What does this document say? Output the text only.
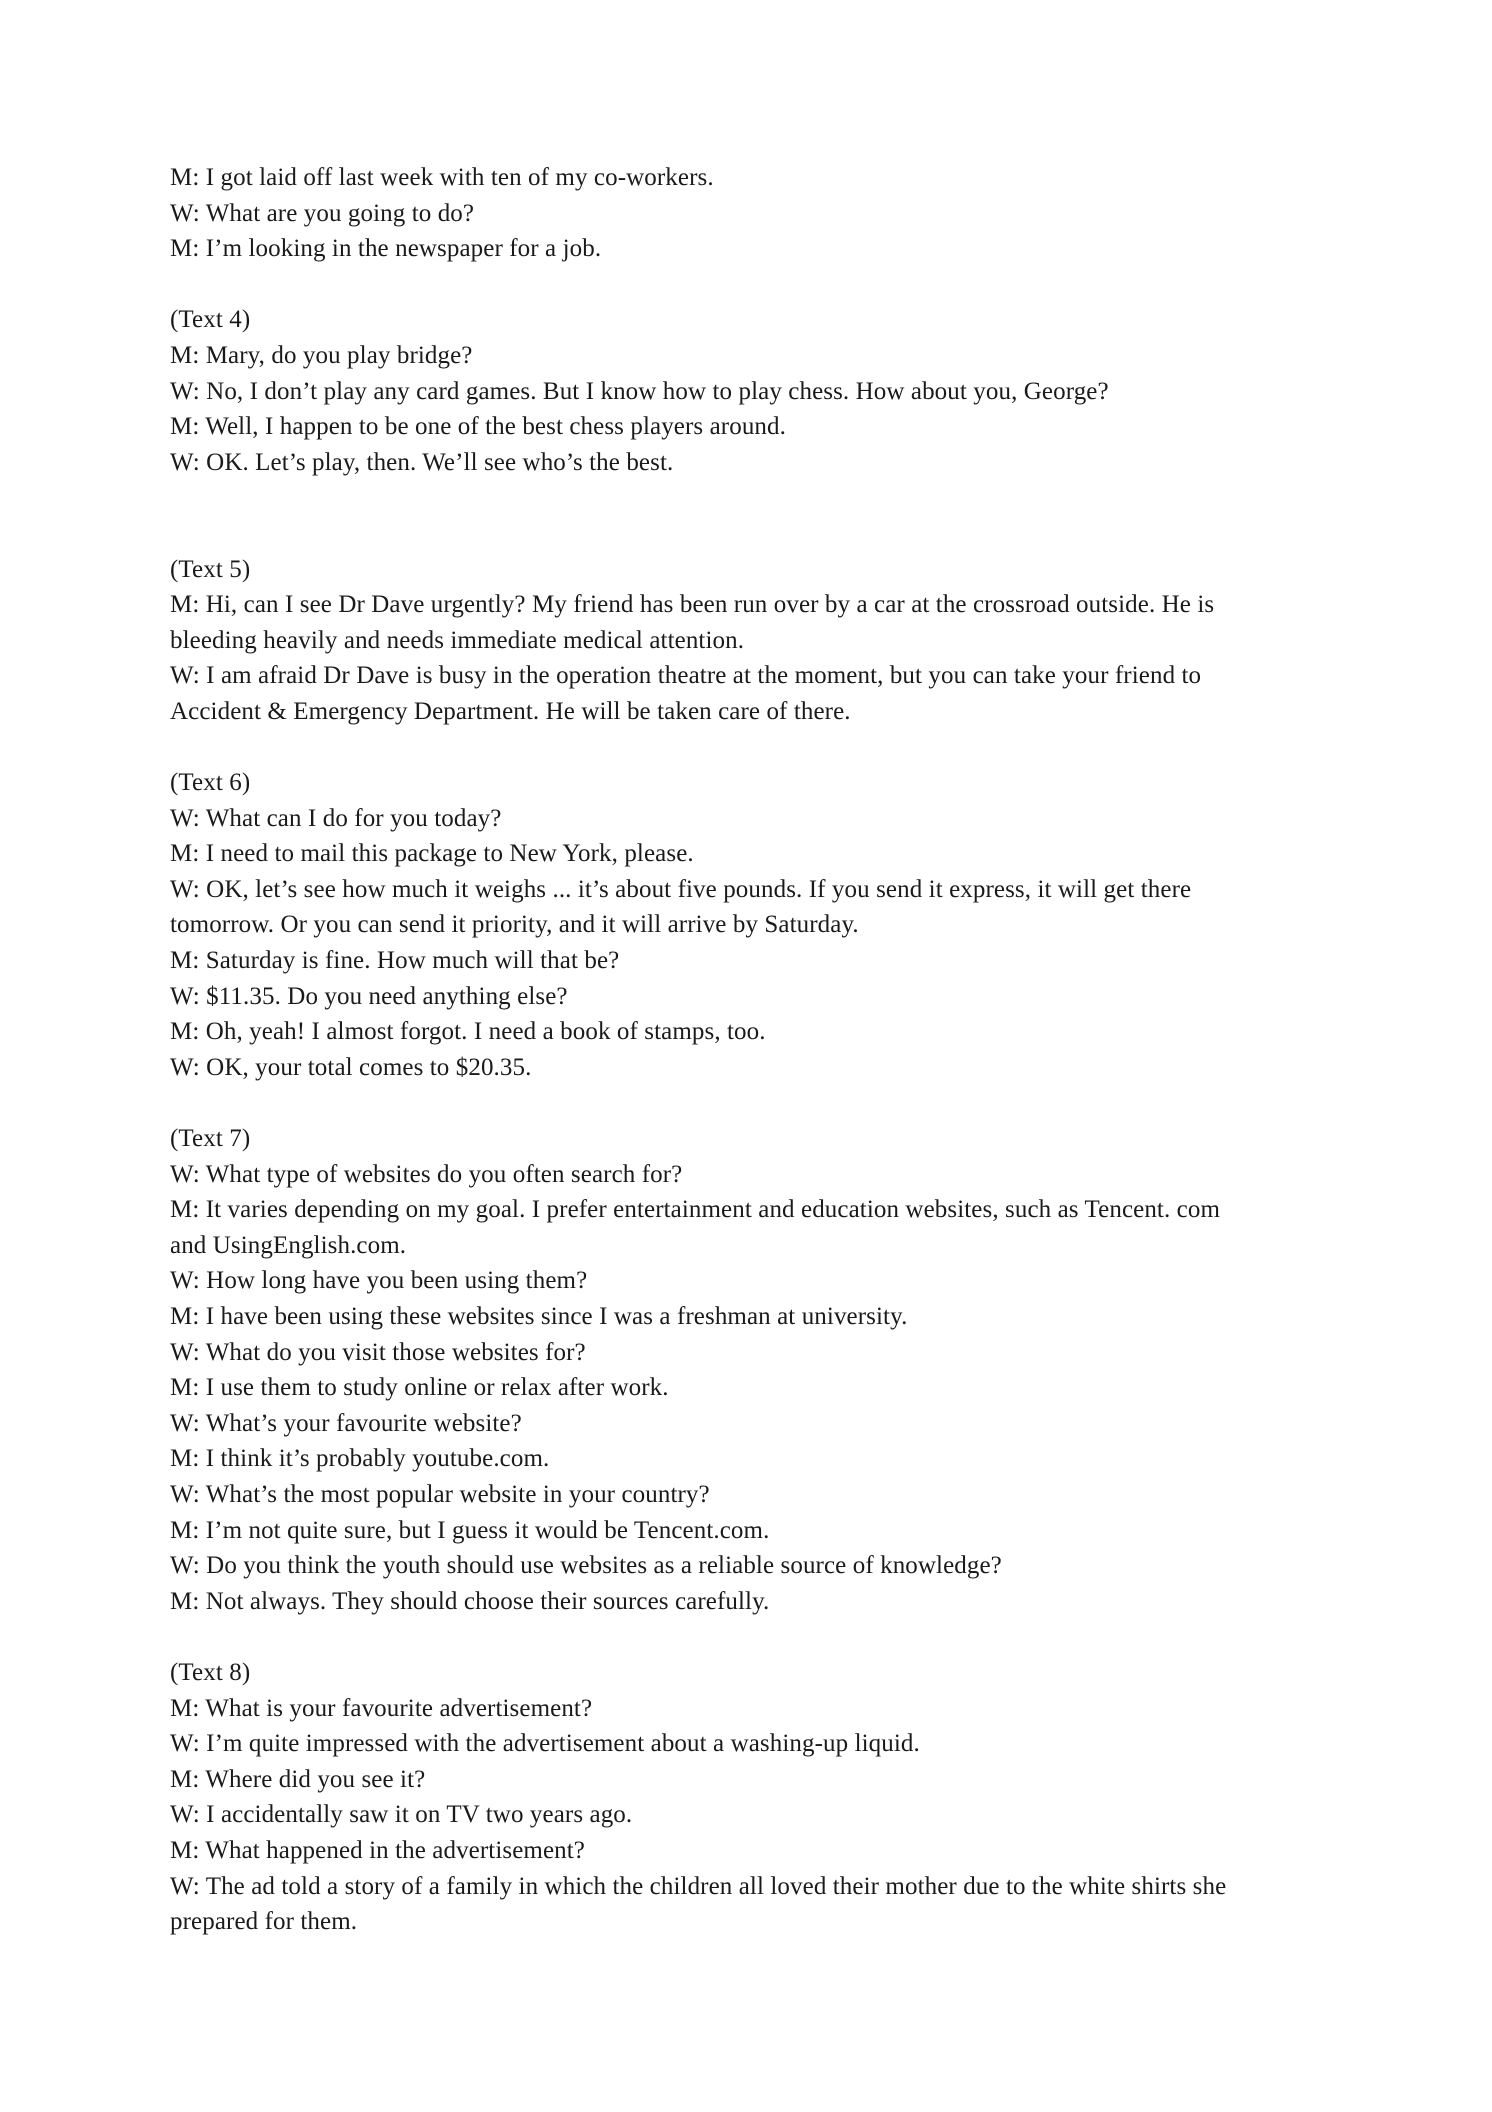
M: I got laid off last week with ten of my co-workers.
W: What are you going to do?
M: I’m looking in the newspaper for a job.
(Text 4)
M: Mary, do you play bridge?
W: No, I don’t play any card games. But I know how to play chess. How about you, George?
M: Well, I happen to be one of the best chess players around.
W: OK. Let’s play, then. We’ll see who’s the best.
(Text 5)
M: Hi, can I see Dr Dave urgently? My friend has been run over by a car at the crossroad outside. He is
bleeding heavily and needs immediate medical attention.
W: I am afraid Dr Dave is busy in the operation theatre at the moment, but you can take your friend to
Accident & Emergency Department. He will be taken care of there.
(Text 6)
W: What can I do for you today?
M: I need to mail this package to New York, please.
W: OK, let’s see how much it weighs ... it’s about five pounds. If you send it express, it will get there
tomorrow. Or you can send it priority, and it will arrive by Saturday.
M: Saturday is fine. How much will that be?
W: $11.35. Do you need anything else?
M: Oh, yeah! I almost forgot. I need a book of stamps, too.
W: OK, your total comes to $20.35.
(Text 7)
W: What type of websites do you often search for?
M: It varies depending on my goal. I prefer entertainment and education websites, such as Tencent. com
and UsingEnglish.com.
W: How long have you been using them?
M: I have been using these websites since I was a freshman at university.
W: What do you visit those websites for?
M: I use them to study online or relax after work.
W: What’s your favourite website?
M: I think it’s probably youtube.com.
W: What’s the most popular website in your country?
M: I’m not quite sure, but I guess it would be Tencent.com.
W: Do you think the youth should use websites as a reliable source of knowledge?
M: Not always. They should choose their sources carefully.
(Text 8)
M: What is your favourite advertisement?
W: I’m quite impressed with the advertisement about a washing-up liquid.
M: Where did you see it?
W: I accidentally saw it on TV two years ago.
M: What happened in the advertisement?
W: The ad told a story of a family in which the children all loved their mother due to the white shirts she
prepared for them.
